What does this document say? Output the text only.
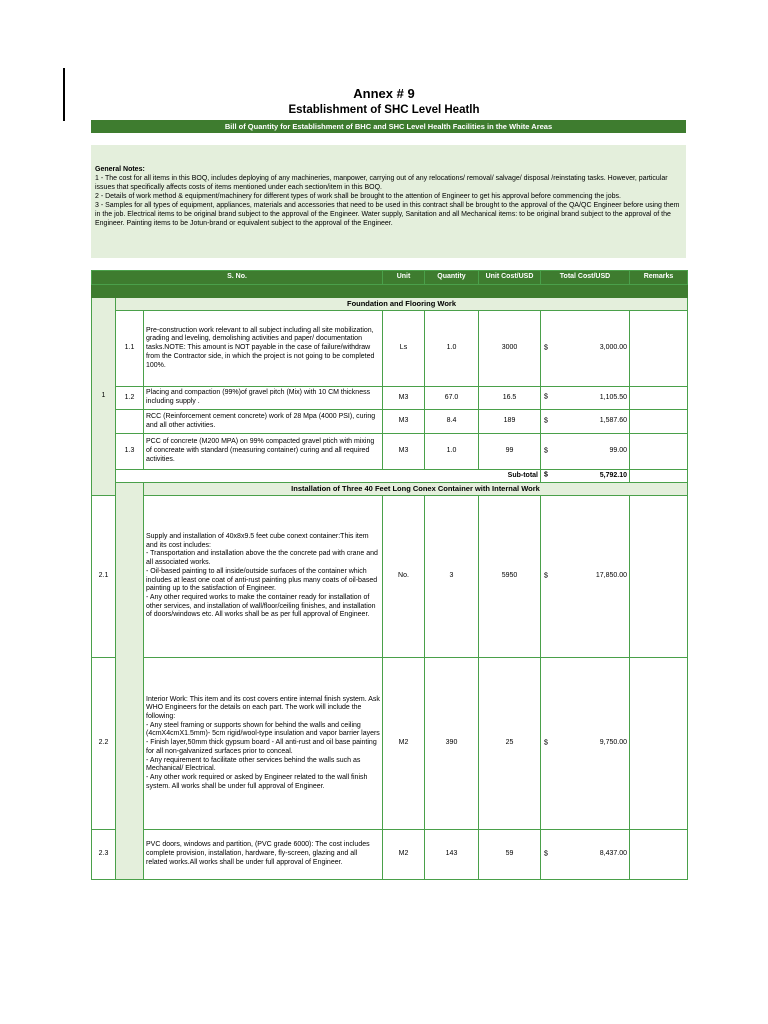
Annex # 9
Establishment of SHC Level Heatlh
Bill of Quantity for Establishment of BHC and SHC Level Health Facilities in the White Areas
General Notes:

1 - The cost for all items in this BOQ, includes deploying of any machineries, manpower, carrying out of any relocations/ removal/ salvage/ disposal /reinstating tasks. However, particular issues that specifically affects costs of items mentioned under each section/item in this BOQ.

2 - Details of work method & equipment/machinery for different types of work shall be brought to the attention of Engineer to get his approval before commencing the jobs.

3 - Samples for all types of equipment, appliances, materials and accessories that need to be used in this contract shall be brought to the approval of the QA/QC Engineer before using them in the job. Electrical items to be original brand subject to the approval of the Engineer. Water supply, Sanitation and all Mechanical items: to be original brand subject to the approval of the Engineer. Painting items to be Jotun-brand or equivalent subject to the approval of the Engineer.

S. No.			Unit	Quantity	Unit Cost/USD	Total Cost/USD	Remarks

1	Foundation and Flooring Work						
	1.1	Pre-construction work relevant to all subject including all site mobilization, grading and leveling, demolishing activities and paper/ documentation tasks.NOTE: This amount is NOT payable in the case of failure/withdraw from the Contractor side, in which the project is not going to be completed 100%.	Ls	1.0	3000	$ 3,000.00	
	1.2	Placing and compaction (99%)of gravel pitch (Mix) with 10 CM thickness including supply .	M3	67.0	16.5	$ 1,105.50	
		RCC (Reinforcement cement concrete) work of 28 Mpa (4000 PSI), curing and all other activities.	M3	8.4	189	$ 1,587.60	
	1.3	PCC of concrete (M200 MPA) on 99% compacted gravel ptich with mixing of concreate with standard (measuring container) curing and all required activities.	M3	1.0	99	$ 99.00	
					Sub-total	$ 5,792.10	
		Installation of Three 40 Feet Long Conex Container with Internal Work					
2.1		Supply and installation of 40x8x9.5 feet cube conext container:This item and its cost includes:
- Transportation and installation above the the concrete pad with crane and all associated works.
- Oil-based painting to all inside/outside surfaces of the container which includes at least one coat of anti-rust painting plus many coats of oil-based painting up to the satisfaction of Engineer.
- Any other required works to make the container ready for installation of other services, and installation of wall/floor/ceiling finishes, and installation of doors/windows etc. All works shall be as per full approval of Engineer.	No.	3	5950	$ 17,850.00	
2.2		Interior Work: This item and its cost covers entire internal finish system. Ask WHO Engineers for the details on each part. The work will include the following:
- Any steel framing or supports shown for behind the walls and ceiling (4cmX4cmX1.5mm)- 5cm rigid/wool-type insulation and vapor barrier layers
- Finish layer,50mm thick gypsum board - All anti-rust and oil base painting for all non-galvanized surfaces prior to conceal.
- Any requirement to facilitate other services behind the walls such as Mechanical/ Electrical.
- Any other work required or asked by Engineer related to the wall finish system. All works shall be under full approval of Engineer.	M2	390	25	$ 9,750.00	
2.3		PVC doors, windows and partition, (PVC grade 6000): The cost includes complete provision, installation, hardware, fly-screen, glazing and all related works.All works shall be under full approval of Engineer.	M2	143	59	$ 8,437.00	
